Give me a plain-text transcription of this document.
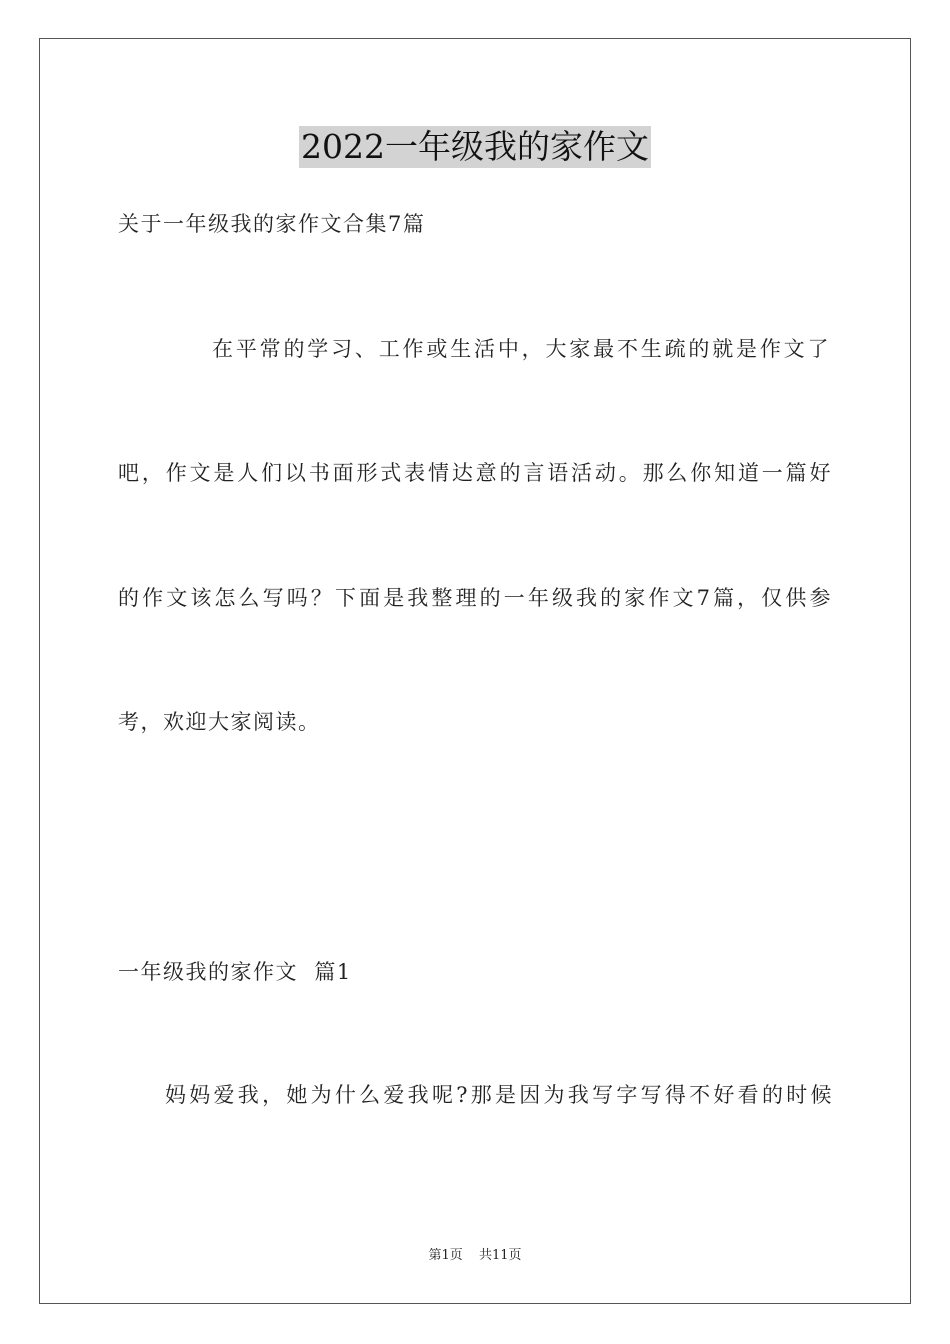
2022一年级我的家作文
关于一年级我的家作文合集7篇
在平常的学习、工作或生活中，大家最不生疏的就是作文了
吧，作文是人们以书面形式表情达意的言语活动。那么你知道一篇好
的作文该怎么写吗？下面是我整理的一年级我的家作文7篇，仅供参
考，欢迎大家阅读。
一年级我的家作文  篇1
妈妈爱我，她为什么爱我呢?那是因为我写字写得不好看的时候
第1页 共11页
